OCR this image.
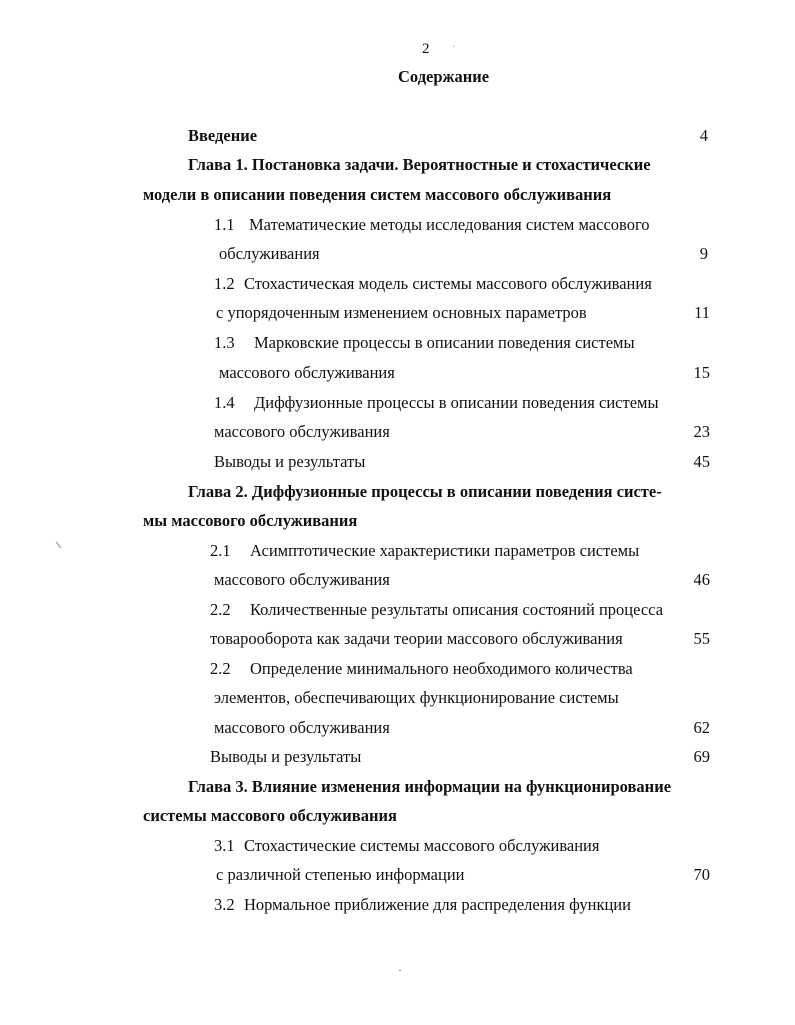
2
Содержание
Введение	4
Глава 1. Постановка задачи. Вероятностные и стохастические
модели в описании поведения систем массового обслуживания
1.1 Математические методы исследования систем массового
обслуживания	9
1.2 Стохастическая модель системы массового обслуживания
с упорядоченным изменением основных параметров	11
1.3 Марковские процессы в описании поведения системы
массового обслуживания	15
1.4 Диффузионные процессы в описании поведения системы
массового обслуживания	23
Выводы и результаты	45
Глава 2. Диффузионные процессы в описании поведения систе-
мы массового обслуживания
2.1 Асимптотические характеристики параметров системы
массового обслуживания	46
2.2 Количественные результаты описания состояний процесса
товарооборота как задачи теории массового обслуживания	55
2.2 Определение минимального необходимого количества
элементов, обеспечивающих функционирование системы
массового обслуживания	62
Выводы и результаты	69
Глава 3. Влияние изменения информации на функционирование
системы массового обслуживания
3.1 Стохастические системы массового обслуживания
с различной степенью информации	70
3.2 Нормальное приближение для распределения функции
